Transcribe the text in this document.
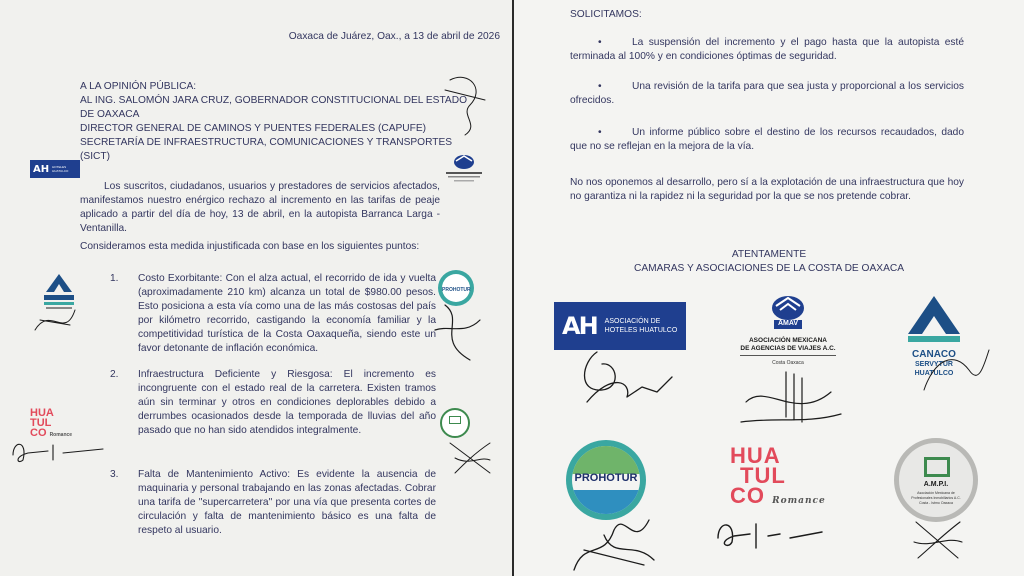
Oaxaca de Juárez, Oax., a 13 de abril de 2026
A LA OPINIÓN PÚBLICA:
AL ING. SALOMÓN JARA CRUZ, GOBERNADOR CONSTITUCIONAL DEL ESTADO
DE OAXACA
DIRECTOR GENERAL DE CAMINOS Y PUENTES FEDERALES (CAPUFE)
SECRETARÍA DE INFRAESTRUCTURA, COMUNICACIONES Y TRANSPORTES
(SICT)
AH HOTELES HUATULCO
Los suscritos, ciudadanos, usuarios y prestadores de servicios afectados, manifestamos nuestro enérgico rechazo al incremento en las tarifas de peaje aplicado a partir del día de hoy, 13 de abril, en la autopista Barranca Larga - Ventanilla.
Consideramos esta medida injustificada con base en los siguientes puntos:
PROHOTUR
1. Costo Exorbitante: Con el alza actual, el recorrido de ida y vuelta (aproximadamente 210 km) alcanza un total de $980.00 pesos. Esto posiciona a esta vía como una de las más costosas del país por kilómetro recorrido, castigando la economía familiar y la competitividad turística de la Costa Oaxaqueña, siendo este un favor detonante de inflación económica.
2. Infraestructura Deficiente y Riesgosa: El incremento es incongruente con el estado real de la carretera. Existen tramos aún sin terminar y otros en condiciones deplorables debido a derrumbes ocasionados desde la temporada de lluvias del año pasado que no han sido atendidos integralmente.
HUA
TUL
CO Romance
3. Falta de Mantenimiento Activo: Es evidente la ausencia de maquinaria y personal trabajando en las zonas afectadas. Cobrar una tarifa de "supercarretera" por una vía que presenta cortes de circulación y falta de mantenimiento básico es una falta de respeto al usuario.
SOLICITAMOS:
•	La suspensión del incremento y el pago hasta que la autopista esté terminada al 100% y en condiciones óptimas de seguridad.
•	Una revisión de la tarifa para que sea justa y proporcional a los servicios ofrecidos.
•	Un informe público sobre el destino de los recursos recaudados, dado que no se reflejan en la mejora de la vía.
No nos oponemos al desarrollo, pero sí a la explotación de una infraestructura que hoy no garantiza ni la rapidez ni la seguridad por la que se nos pretende cobrar.
ATENTAMENTE
CAMARAS Y ASOCIACIONES DE LA COSTA DE OAXACA
AH ASOCIACIÓN DE
HOTELES HUATULCO
AMAV
ASOCIACIÓN MEXICANA
DE AGENCIAS DE VIAJES A.C.
Costa Oaxaca
CANACO
SERVYTUR
HUATULCO
PROHOTUR
HUA
TUL
CO Romance
A.M.P.I.
Asociación Mexicana de Profesionales Inmobiliarios A.C. Costa - Istmo Oaxaca
